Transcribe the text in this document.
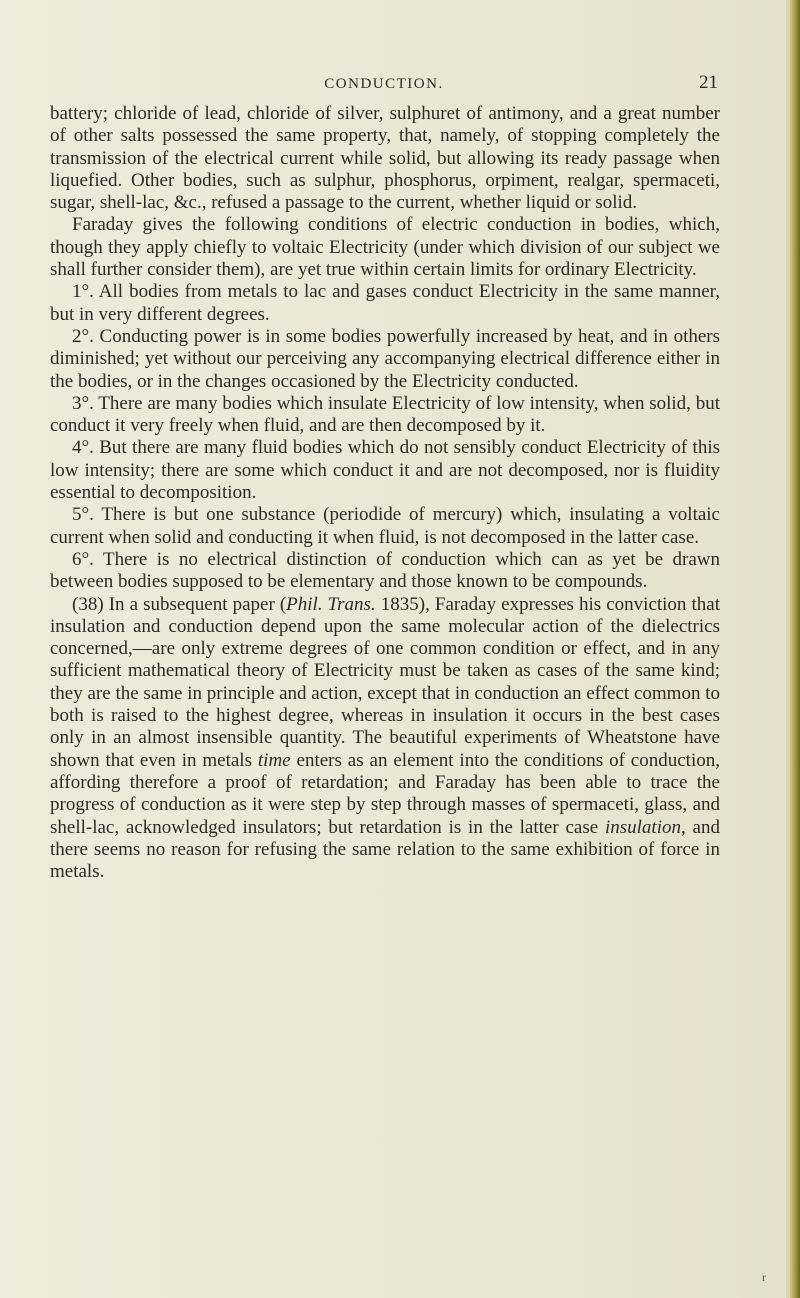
CONDUCTION.	21

battery; chloride of lead, chloride of silver, sulphuret of antimony, and a great number of other salts possessed the same property, that, namely, of stopping completely the transmission of the electrical current while solid, but allowing its ready passage when liquefied. Other bodies, such as sulphur, phosphorus, orpiment, realgar, spermaceti, sugar, shell-lac, &c., refused a passage to the current, whether liquid or solid.

Faraday gives the following conditions of electric conduction in bodies, which, though they apply chiefly to voltaic Electricity (under which division of our subject we shall further consider them), are yet true within certain limits for ordinary Electricity.

1°. All bodies from metals to lac and gases conduct Electricity in the same manner, but in very different degrees.

2°. Conducting power is in some bodies powerfully increased by heat, and in others diminished; yet without our perceiving any accompanying electrical difference either in the bodies, or in the changes occasioned by the Electricity conducted.

3°. There are many bodies which insulate Electricity of low intensity, when solid, but conduct it very freely when fluid, and are then decomposed by it.

4°. But there are many fluid bodies which do not sensibly conduct Electricity of this low intensity; there are some which conduct it and are not decomposed, nor is fluidity essential to decomposition.

5°. There is but one substance (periodide of mercury) which, insulating a voltaic current when solid and conducting it when fluid, is not decomposed in the latter case.

6°. There is no electrical distinction of conduction which can as yet be drawn between bodies supposed to be elementary and those known to be compounds.

(38) In a subsequent paper (Phil. Trans. 1835), Faraday expresses his conviction that insulation and conduction depend upon the same molecular action of the dielectrics concerned,—are only extreme degrees of one common condition or effect, and in any sufficient mathematical theory of Electricity must be taken as cases of the same kind; they are the same in principle and action, except that in conduction an effect common to both is raised to the highest degree, whereas in insulation it occurs in the best cases only in an almost insensible quantity. The beautiful experiments of Wheatstone have shown that even in metals time enters as an element into the conditions of conduction, affording therefore a proof of retardation; and Faraday has been able to trace the progress of conduction as it were step by step through masses of spermaceti, glass, and shell-lac, acknowledged insulators; but retardation is in the latter case insulation, and there seems no reason for refusing the same relation to the same exhibition of force in metals.

r
